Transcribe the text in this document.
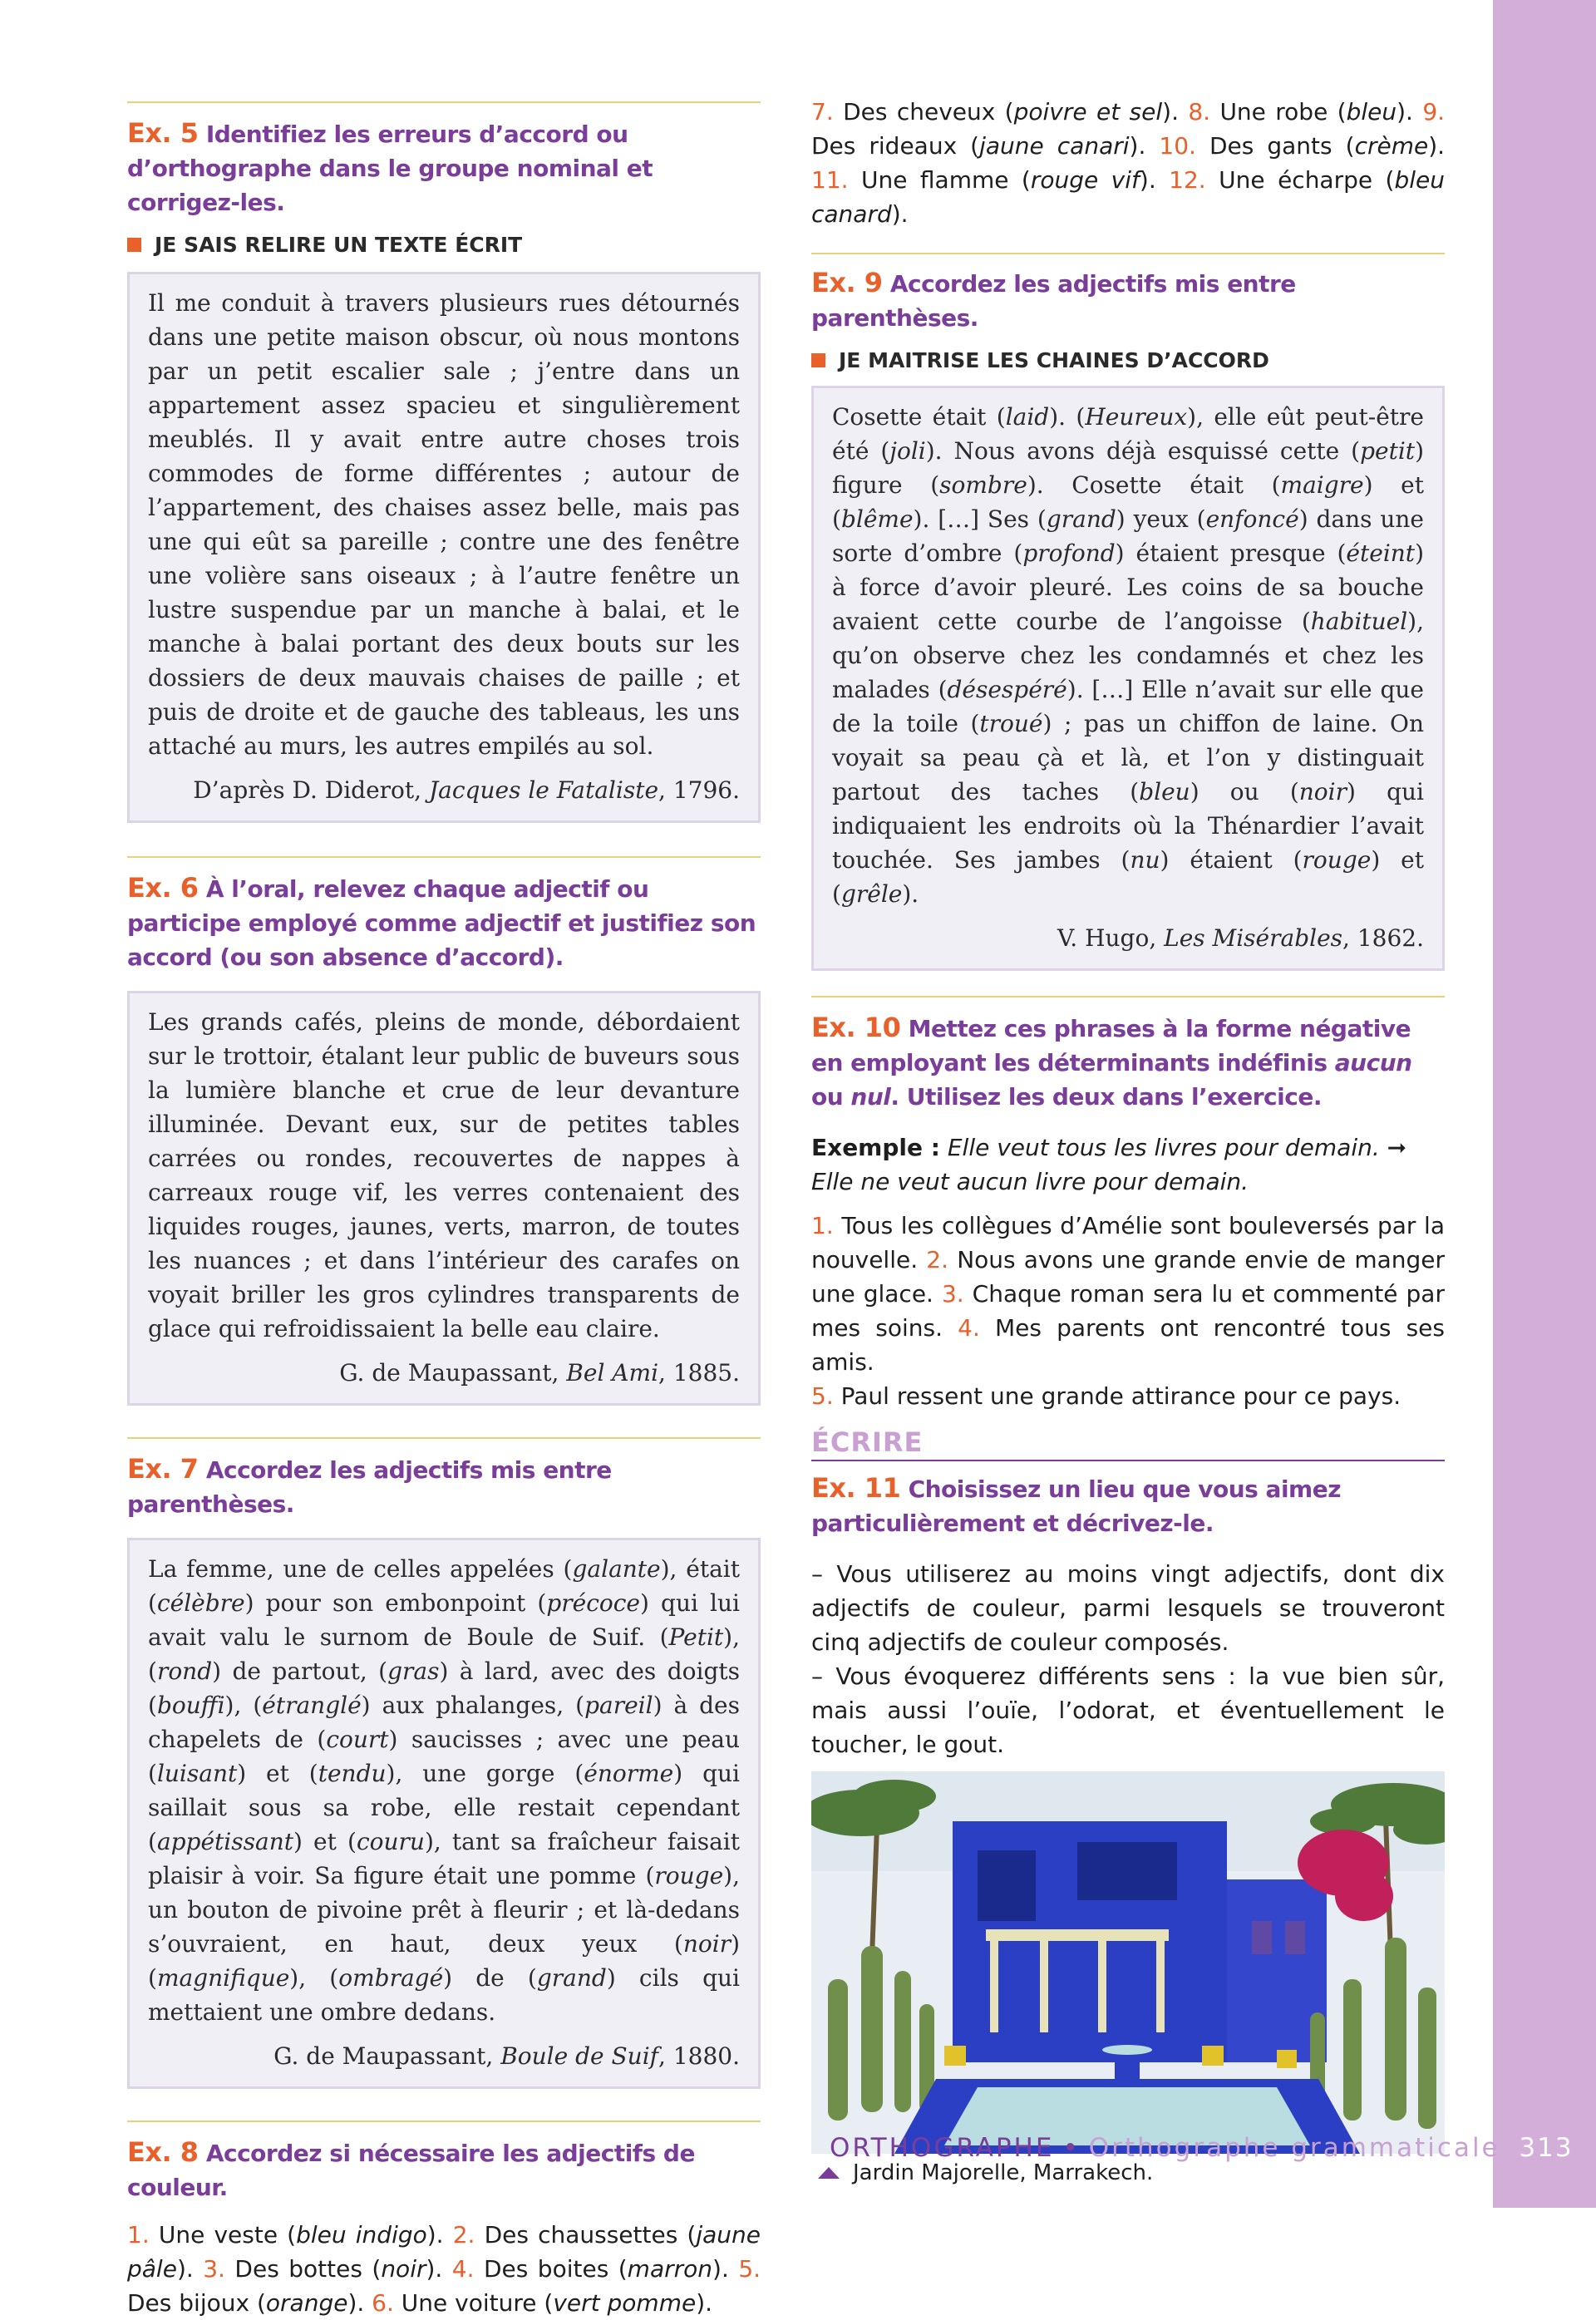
Ex. 5 Identifiez les erreurs d’accord ou d’orthographe dans le groupe nominal et corrigez-les.
JE SAIS RELIRE UN TEXTE ÉCRIT
Il me conduit à travers plusieurs rues détournés dans une petite maison obscur, où nous montons par un petit escalier sale ; j’entre dans un appartement assez spacieu et singulièrement meublés. Il y avait entre autre choses trois commodes de forme différentes ; autour de l’appartement, des chaises assez belle, mais pas une qui eût sa pareille ; contre une des fenêtre une volière sans oiseaux ; à l’autre fenêtre un lustre suspendue par un manche à balai, et le manche à balai portant des deux bouts sur les dossiers de deux mauvais chaises de paille ; et puis de droite et de gauche des tableaus, les uns attaché au murs, les autres empilés au sol.
D’après D. Diderot, Jacques le Fataliste, 1796.
Ex. 6 À l’oral, relevez chaque adjectif ou participe employé comme adjectif et justifiez son accord (ou son absence d’accord).
Les grands cafés, pleins de monde, débordaient sur le trottoir, étalant leur public de buveurs sous la lumière blanche et crue de leur devanture illuminée. Devant eux, sur de petites tables carrées ou rondes, recouvertes de nappes à carreaux rouge vif, les verres contenaient des liquides rouges, jaunes, verts, marron, de toutes les nuances ; et dans l’intérieur des carafes on voyait briller les gros cylindres transparents de glace qui refroidissaient la belle eau claire.
G. de Maupassant, Bel Ami, 1885.
Ex. 7 Accordez les adjectifs mis entre parenthèses.
La femme, une de celles appelées (galante), était (célèbre) pour son embonpoint (précoce) qui lui avait valu le surnom de Boule de Suif. (Petit), (rond) de partout, (gras) à lard, avec des doigts (bouffi), (étranglé) aux phalanges, (pareil) à des chapelets de (court) saucisses ; avec une peau (luisant) et (tendu), une gorge (énorme) qui saillait sous sa robe, elle restait cependant (appétissant) et (couru), tant sa fraîcheur faisait plaisir à voir. Sa figure était une pomme (rouge), un bouton de pivoine prêt à fleurir ; et là-dedans s’ouvraient, en haut, deux yeux (noir) (magnifique), (ombragé) de (grand) cils qui mettaient une ombre dedans.
G. de Maupassant, Boule de Suif, 1880.
Ex. 8 Accordez si nécessaire les adjectifs de couleur.
1. Une veste (bleu indigo). 2. Des chaussettes (jaune pâle). 3. Des bottes (noir). 4. Des boites (marron). 5. Des bijoux (orange). 6. Une voiture (vert pomme).
7. Des cheveux (poivre et sel). 8. Une robe (bleu). 9. Des rideaux (jaune canari). 10. Des gants (crème). 11. Une flamme (rouge vif). 12. Une écharpe (bleu canard).
Ex. 9 Accordez les adjectifs mis entre parenthèses.
JE MAITRISE LES CHAINES D’ACCORD
Cosette était (laid). (Heureux), elle eût peut-être été (joli). Nous avons déjà esquissé cette (petit) figure (sombre). Cosette était (maigre) et (blême). […] Ses (grand) yeux (enfoncé) dans une sorte d’ombre (profond) étaient presque (éteint) à force d’avoir pleuré. Les coins de sa bouche avaient cette courbe de l’angoisse (habituel), qu’on observe chez les condamnés et chez les malades (désespéré). […] Elle n’avait sur elle que de la toile (troué) ; pas un chiffon de laine. On voyait sa peau çà et là, et l’on y distinguait partout des taches (bleu) ou (noir) qui indiquaient les endroits où la Thénardier l’avait touchée. Ses jambes (nu) étaient (rouge) et (grêle).
V. Hugo, Les Misérables, 1862.
Ex. 10 Mettez ces phrases à la forme négative en employant les déterminants indéfinis aucun ou nul. Utilisez les deux dans l’exercice.
Exemple : Elle veut tous les livres pour demain. ➞ Elle ne veut aucun livre pour demain.
1. Tous les collègues d’Amélie sont bouleversés par la nouvelle. 2. Nous avons une grande envie de manger une glace. 3. Chaque roman sera lu et commenté par mes soins. 4. Mes parents ont rencontré tous ses amis.
5. Paul ressent une grande attirance pour ce pays.
ÉCRIRE
Ex. 11 Choisissez un lieu que vous aimez particulièrement et décrivez-le.
– Vous utiliserez au moins vingt adjectifs, dont dix adjectifs de couleur, parmi lesquels se trouveront cinq adjectifs de couleur composés.
– Vous évoquerez différents sens : la vue bien sûr, mais aussi l’ouïe, l’odorat, et éventuellement le toucher, le gout.
Jardin Majorelle, Marrakech.
ORTHOGRAPHE • Orthographe grammaticale 313
